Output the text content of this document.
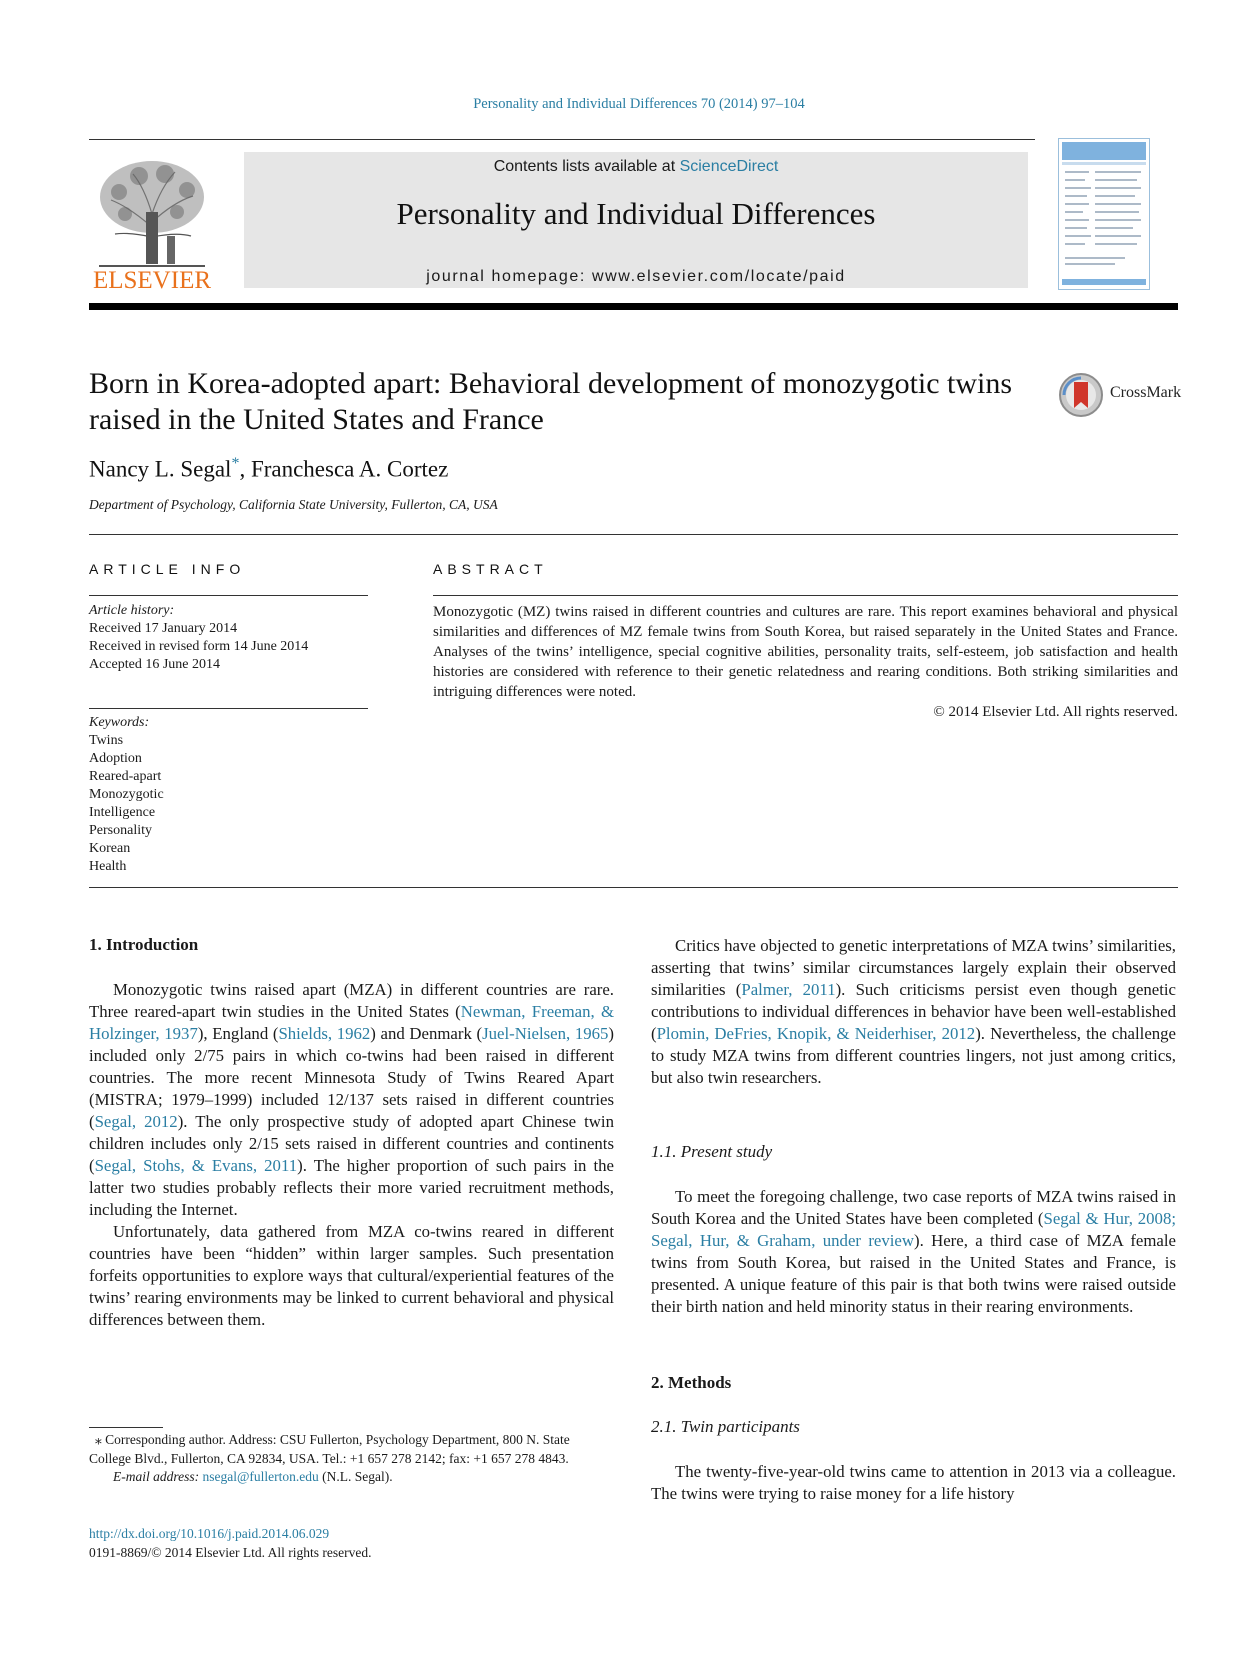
Personality and Individual Differences 70 (2014) 97–104
ELSEVIER
Contents lists available at ScienceDirect
Personality and Individual Differences
journal homepage: www.elsevier.com/locate/paid
Born in Korea-adopted apart: Behavioral development of monozygotic twins raised in the United States and France
CrossMark
Nancy L. Segal*, Franchesca A. Cortez
Department of Psychology, California State University, Fullerton, CA, USA
ARTICLE INFO	ABSTRACT
Article history:
Received 17 January 2014
Received in revised form 14 June 2014
Accepted 16 June 2014
Keywords:
Twins
Adoption
Reared-apart
Monozygotic
Intelligence
Personality
Korean
Health
Monozygotic (MZ) twins raised in different countries and cultures are rare. This report examines behavioral and physical similarities and differences of MZ female twins from South Korea, but raised separately in the United States and France. Analyses of the twins’ intelligence, special cognitive abilities, personality traits, self-esteem, job satisfaction and health histories are considered with reference to their genetic relatedness and rearing conditions. Both striking similarities and intriguing differences were noted.
© 2014 Elsevier Ltd. All rights reserved.
1. Introduction

Monozygotic twins raised apart (MZA) in different countries are rare. Three reared-apart twin studies in the United States (Newman, Freeman, & Holzinger, 1937), England (Shields, 1962) and Denmark (Juel-Nielsen, 1965) included only 2/75 pairs in which co-twins had been raised in different countries. The more recent Minnesota Study of Twins Reared Apart (MISTRA; 1979–1999) included 12/137 sets raised in different countries (Segal, 2012). The only prospective study of adopted apart Chinese twin children includes only 2/15 sets raised in different countries and continents (Segal, Stohs, & Evans, 2011). The higher proportion of such pairs in the latter two studies probably reflects their more varied recruitment methods, including the Internet.

Unfortunately, data gathered from MZA co-twins reared in different countries have been “hidden” within larger samples. Such presentation forfeits opportunities to explore ways that cultural/experiential features of the twins’ rearing environments may be linked to current behavioral and physical differences between them.

Critics have objected to genetic interpretations of MZA twins’ similarities, asserting that twins’ similar circumstances largely explain their observed similarities (Palmer, 2011). Such criticisms persist even though genetic contributions to individual differences in behavior have been well-established (Plomin, DeFries, Knopik, & Neiderhiser, 2012). Nevertheless, the challenge to study MZA twins from different countries lingers, not just among critics, but also twin researchers.

1.1. Present study

To meet the foregoing challenge, two case reports of MZA twins raised in South Korea and the United States have been completed (Segal & Hur, 2008; Segal, Hur, & Graham, under review). Here, a third case of MZA female twins from South Korea, but raised in the United States and France, is presented. A unique feature of this pair is that both twins were raised outside their birth nation and held minority status in their rearing environments.

2. Methods
2.1. Twin participants

The twenty-five-year-old twins came to attention in 2013 via a colleague. The twins were trying to raise money for a life history

⁎ Corresponding author. Address: CSU Fullerton, Psychology Department, 800 N. State College Blvd., Fullerton, CA 92834, USA. Tel.: +1 657 278 2142; fax: +1 657 278 4843.
E-mail address: nsegal@fullerton.edu (N.L. Segal).
http://dx.doi.org/10.1016/j.paid.2014.06.029
0191-8869/© 2014 Elsevier Ltd. All rights reserved.
